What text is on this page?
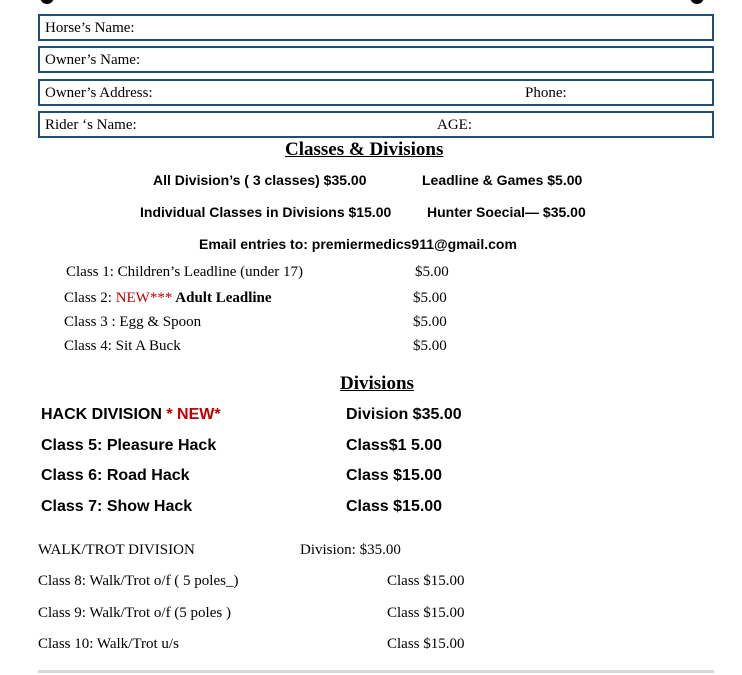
Horse’s Name:
Owner’s Name:
Owner’s Address:	Phone:
Rider ‘s Name:	AGE:
Classes & Divisions
All Division’s ( 3 classes) $35.00	Leadline & Games $5.00
Individual Classes in Divisions $15.00	Hunter Soecial— $35.00
Email entries to: premiermedics911@gmail.com
Class 1: Children’s Leadline (under 17)	$5.00
Class 2: NEW*** Adult Leadline	$5.00
Class 3 : Egg & Spoon	$5.00
Class 4: Sit A Buck	$5.00
Divisions
HACK DIVISION * NEW*	Division $35.00
Class 5: Pleasure Hack	Class$1 5.00
Class 6: Road Hack	Class $15.00
Class 7: Show Hack	Class $15.00
WALK/TROT DIVISION	Division: $35.00
Class 8: Walk/Trot o/f ( 5 poles_)	Class $15.00
Class 9: Walk/Trot o/f (5 poles )	Class $15.00
Class 10: Walk/Trot u/s	Class $15.00
